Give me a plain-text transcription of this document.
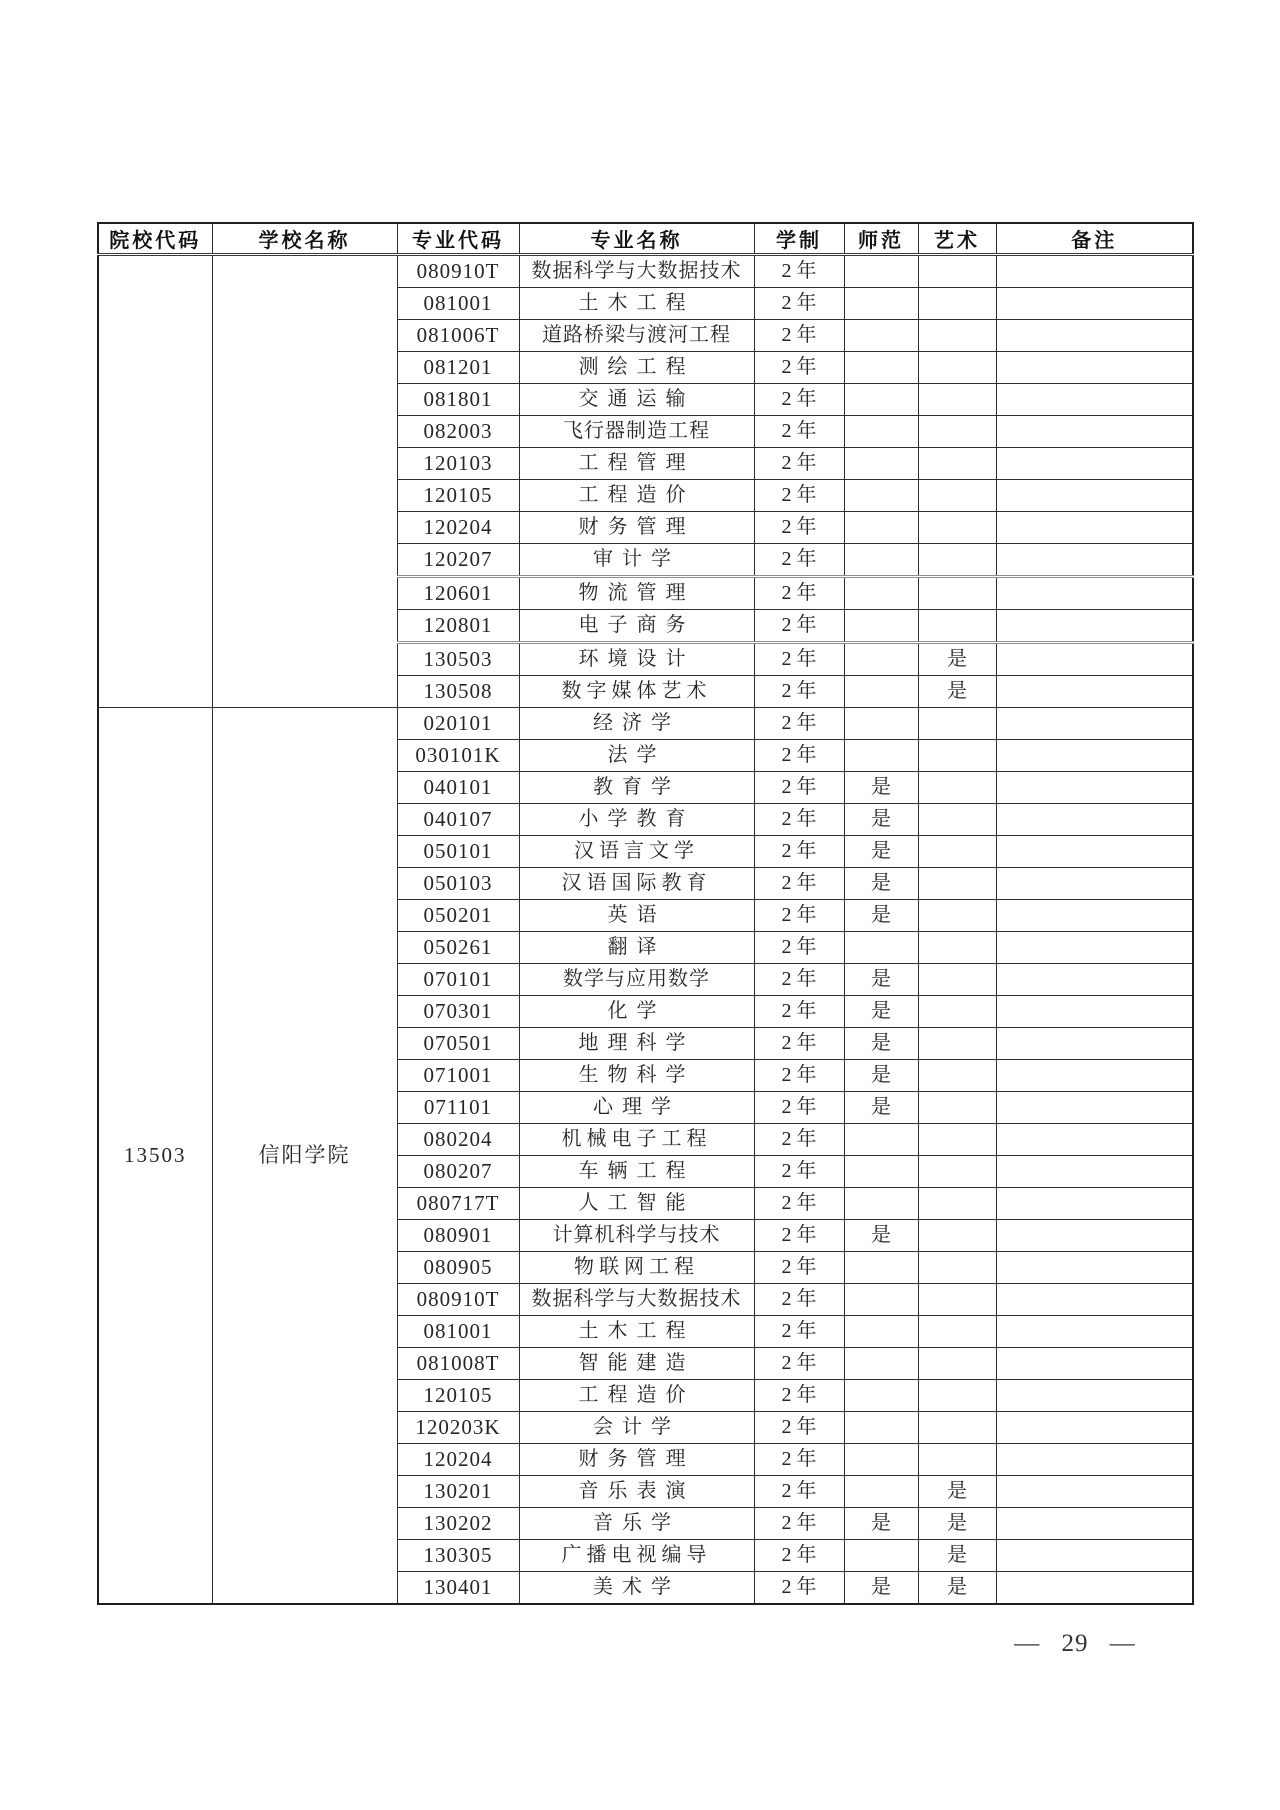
院校代码	学校名称	专业代码	专业名称	学制	师范	艺术	备注
		080910T	数据科学与大数据技术	2 年			
		081001	土木工程	2 年			
		081006T	道路桥梁与渡河工程	2 年			
		081201	测绘工程	2 年			
		081801	交通运输	2 年			
		082003	飞行器制造工程	2 年			
		120103	工程管理	2 年			
		120105	工程造价	2 年			
		120204	财务管理	2 年			
		120207	审计学	2 年			
		120601	物流管理	2 年			
		120801	电子商务	2 年			
		130503	环境设计	2 年		是	
		130508	数字媒体艺术	2 年		是	
13503	信阳学院	020101	经济学	2 年			
		030101K	法学	2 年			
		040101	教育学	2 年	是		
		040107	小学教育	2 年	是		
		050101	汉语言文学	2 年	是		
		050103	汉语国际教育	2 年	是		
		050201	英语	2 年	是		
		050261	翻译	2 年			
		070101	数学与应用数学	2 年	是		
		070301	化学	2 年	是		
		070501	地理科学	2 年	是		
		071001	生物科学	2 年	是		
		071101	心理学	2 年	是		
		080204	机械电子工程	2 年			
		080207	车辆工程	2 年			
		080717T	人工智能	2 年			
		080901	计算机科学与技术	2 年	是		
		080905	物联网工程	2 年			
		080910T	数据科学与大数据技术	2 年			
		081001	土木工程	2 年			
		081008T	智能建造	2 年			
		120105	工程造价	2 年			
		120203K	会计学	2 年			
		120204	财务管理	2 年			
		130201	音乐表演	2 年		是	
		130202	音乐学	2 年	是	是	
		130305	广播电视编导	2 年		是	
		130401	美术学	2 年	是	是	
— 29 —
